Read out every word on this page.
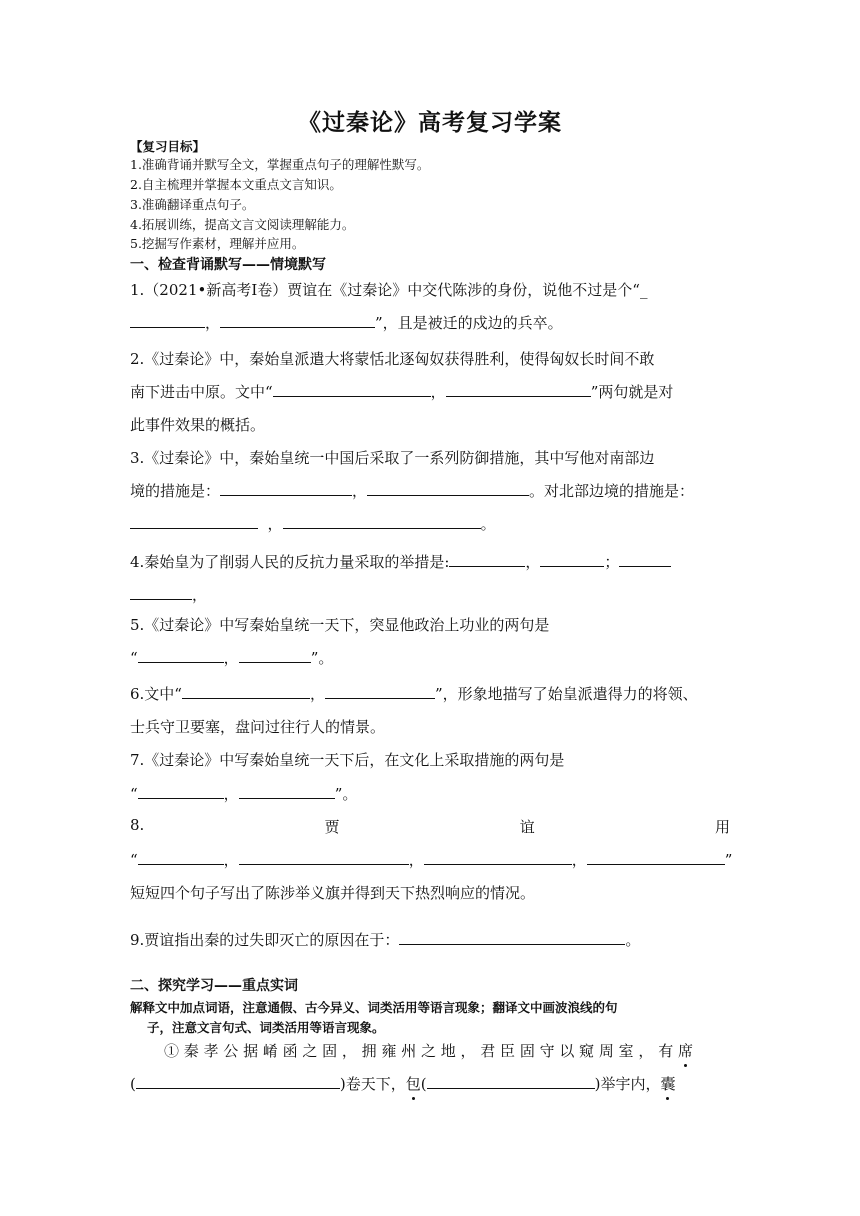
《过秦论》高考复习学案
【复习目标】
1.准确背诵并默写全文，掌握重点句子的理解性默写。
2.自主梳理并掌握本文重点文言知识。
3.准确翻译重点句子。
4.拓展训练，提高文言文阅读理解能力。
5.挖掘写作素材，理解并应用。
一、检查背诵默写——情境默写
1.（2021•新高考Ⅰ卷）贾谊在《过秦论》中交代陈涉的身份，说他不过是个“_
，	”，且是被迁的戍边的兵卒。
2.《过秦论》中，秦始皇派遣大将蒙恬北逐匈奴获得胜利，使得匈奴长时间不敢
南下进击中原。文中“	，	”两句就是对
此事件效果的概括。
3.《过秦论》中，秦始皇统一中国后采取了一系列防御措施，其中写他对南部边
境的措施是：	，	。对北部边境的措施是：
，	。
4.秦始皇为了削弱人民的反抗力量采取的举措是:	，	；
，
5.《过秦论》中写秦始皇统一天下，突显他政治上功业的两句是
“	，	”。
6.文中“	，	”，形象地描写了始皇派遣得力的将领、
士兵守卫要塞，盘问过往行人的情景。
7.《过秦论》中写秦始皇统一天下后，在文化上采取措施的两句是
“	，	”。
8.	贾	谊	用
“	，	，	，	”
短短四个句子写出了陈涉举义旗并得到天下热烈响应的情况。
9.贾谊指出秦的过失即灭亡的原因在于：	。
二、探究学习——重点实词
解释文中加点词语，注意通假、古今异义、词类活用等语言现象；翻译文中画波浪线的句
子，注意文言句式、词类活用等语言现象。
① 秦 孝 公 据 崤 函 之 固 ， 拥 雍 州 之 地 ， 君 臣 固 守 以 窥 周 室 ， 有 席
(	)卷天下，包(	)举宇内，囊
